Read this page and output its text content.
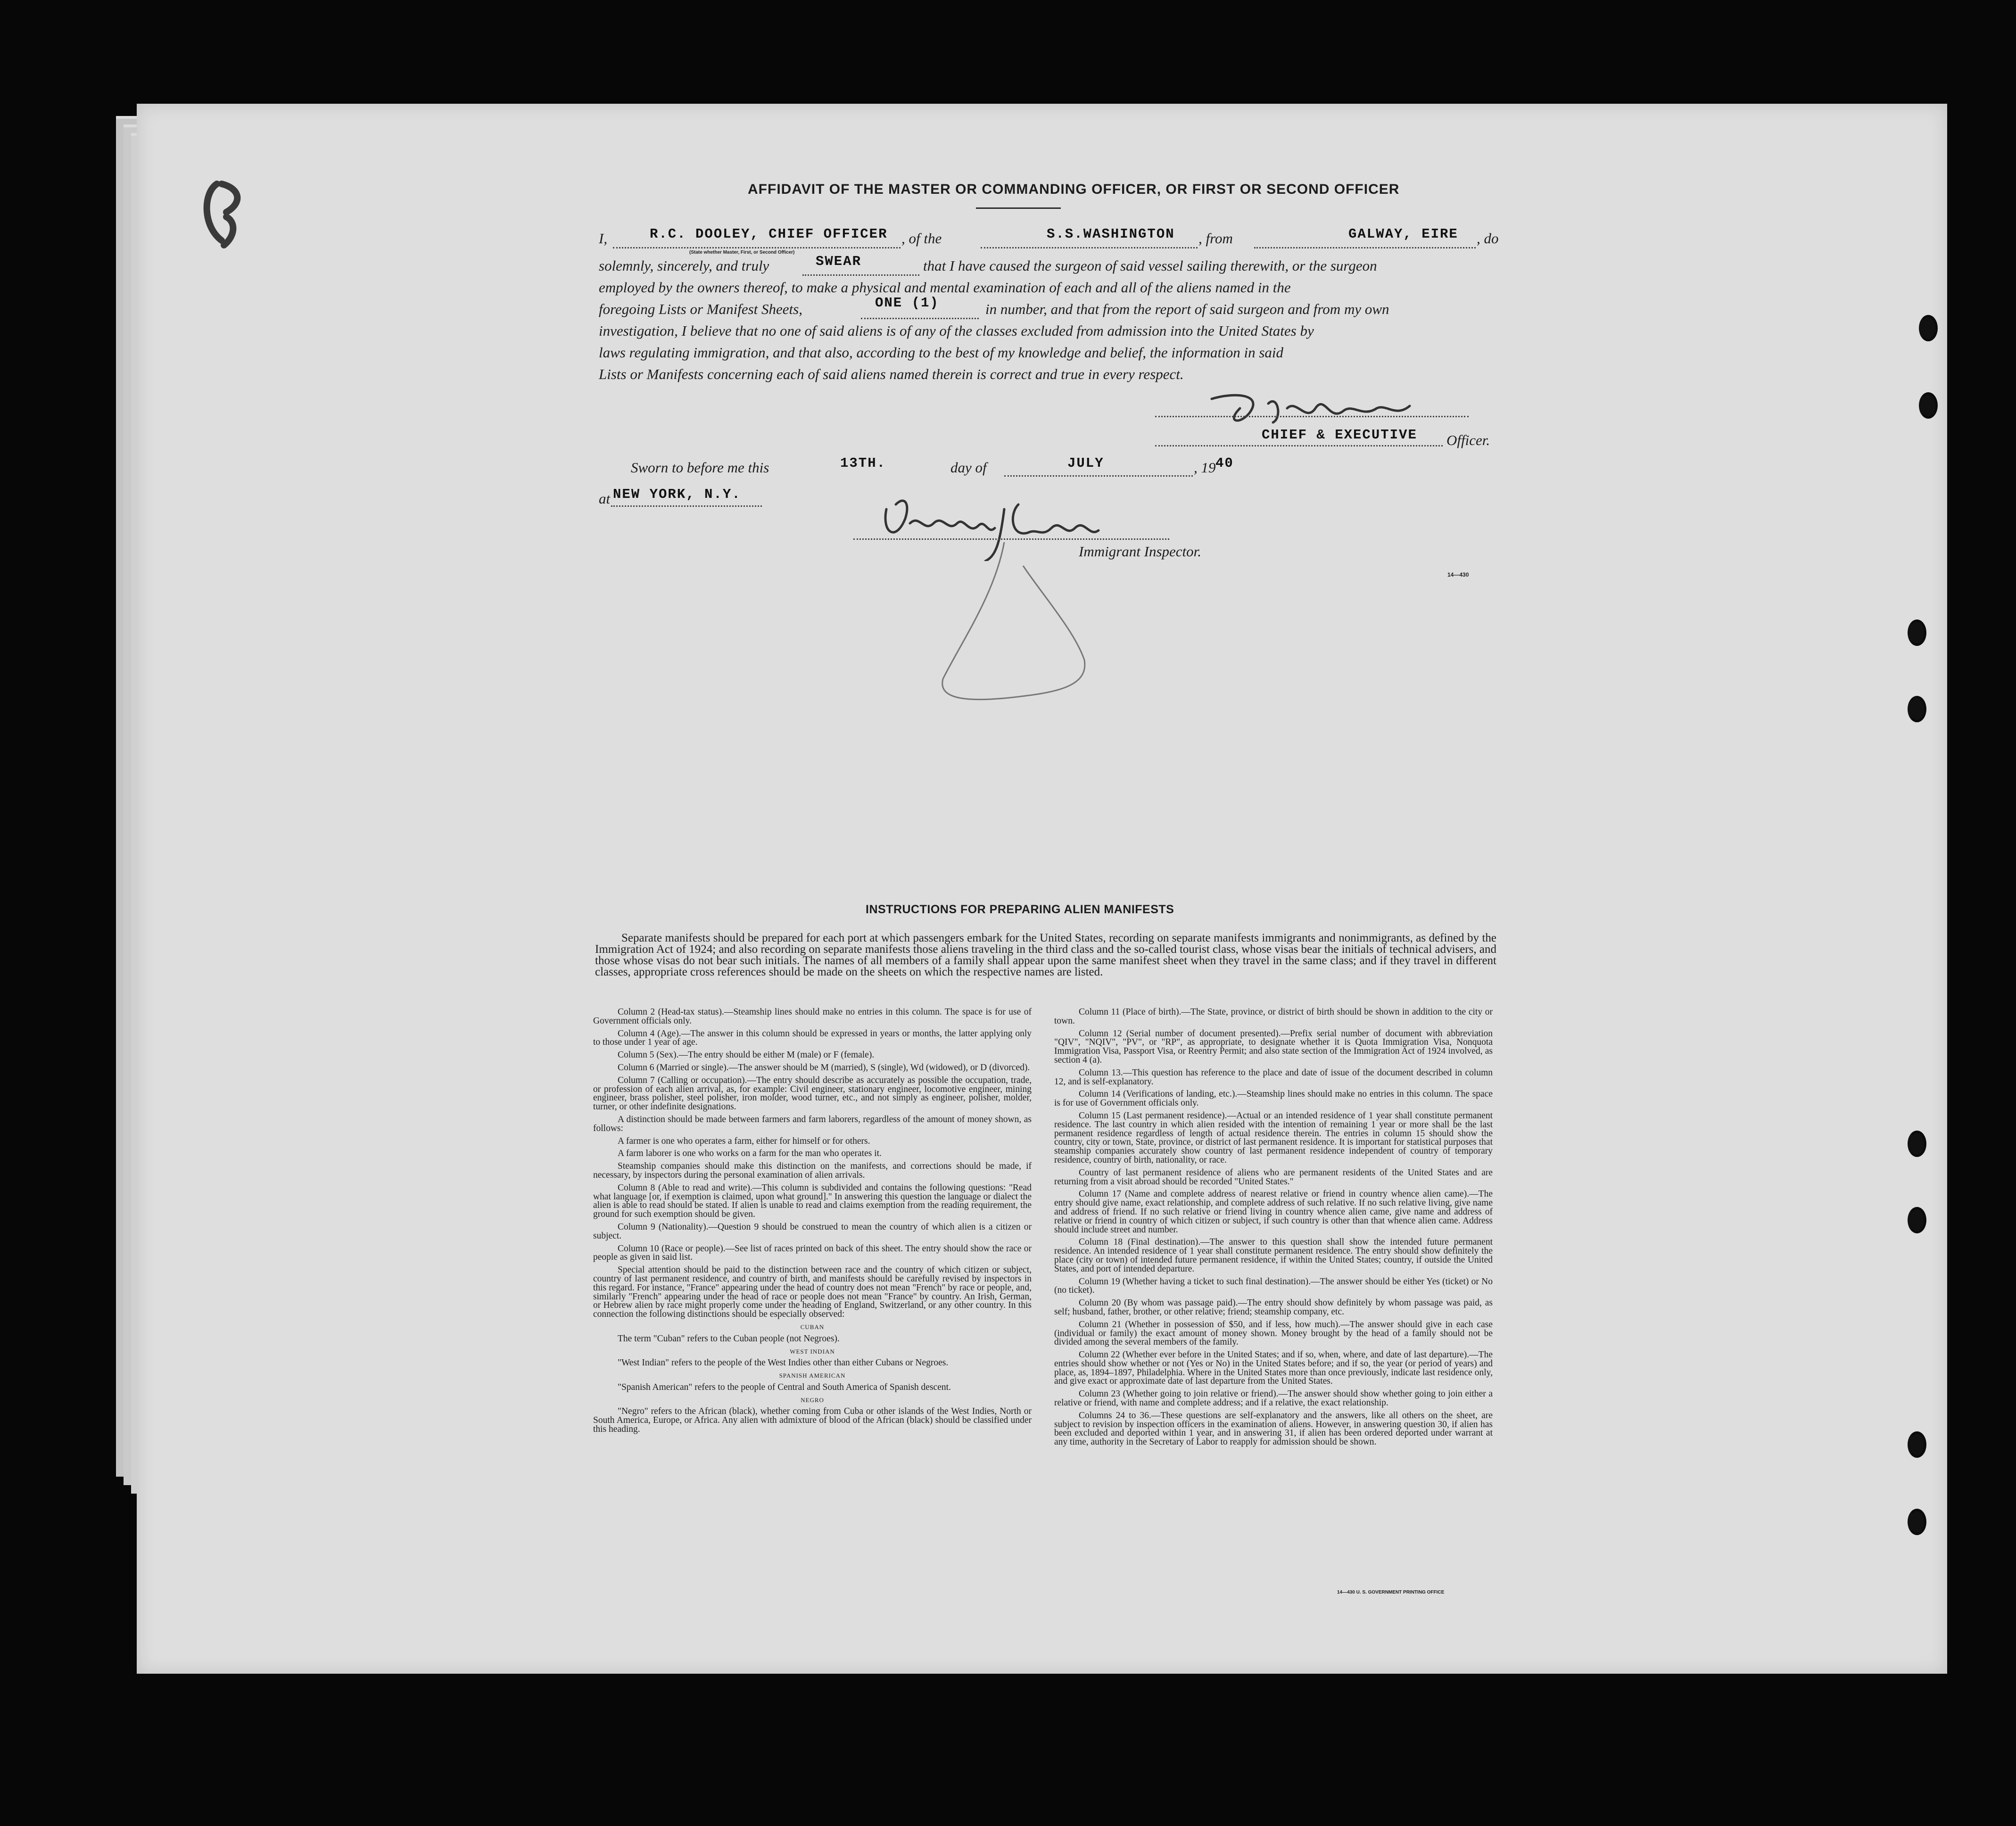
AFFIDAVIT OF THE MASTER OR COMMANDING OFFICER, OR FIRST OR SECOND OFFICER
I,	R.C. DOOLEY, CHIEF OFFICER , of the	S.S.WASHINGTON , from	GALWAY, EIRE , do
(State whether Master, First, or Second Officer)
solemnly, sincerely, and truly	SWEAR	that I have caused the surgeon of said vessel sailing therewith, or the surgeon
employed by the owners thereof, to make a physical and mental examination of each and all of the aliens named in the
foregoing Lists or Manifest Sheets,	ONE (1)	in number, and that from the report of said surgeon and from my own
investigation, I believe that no one of said aliens is of any of the classes excluded from admission into the United States by
laws regulating immigration, and that also, according to the best of my knowledge and belief, the information in said
Lists or Manifests concerning each of said aliens named therein is correct and true in every respect.
CHIEF & EXECUTIVE Officer.
Sworn to before me this	13TH.	day of	JULY	, 19 40
at NEW YORK, N.Y.
Immigrant Inspector.
14—430
INSTRUCTIONS FOR PREPARING ALIEN MANIFESTS

Separate manifests should be prepared for each port at which passengers embark for the United States, recording on separate manifests immigrants and nonimmigrants, as defined by the Immigration Act of 1924; and also recording on separate manifests those aliens traveling in the third class and the so-called tourist class, whose visas bear the initials of technical advisers, and those whose visas do not bear such initials. The names of all members of a family shall appear upon the same manifest sheet when they travel in the same class; and if they travel in different classes, appropriate cross references should be made on the sheets on which the respective names are listed.

Column 2 (Head-tax status).—Steamship lines should make no entries in this column. The space is for use of Government officials only.

Column 4 (Age).—The answer in this column should be expressed in years or months, the latter applying only to those under 1 year of age.

Column 5 (Sex).—The entry should be either M (male) or F (female).

Column 6 (Married or single).—The answer should be M (married), S (single), Wd (widowed), or D (divorced).

Column 7 (Calling or occupation).—The entry should describe as accurately as possible the occupation, trade, or profession of each alien arrival, as, for example: Civil engineer, stationary engineer, locomotive engineer, mining engineer, brass polisher, steel polisher, iron molder, wood turner, etc., and not simply as engineer, polisher, molder, turner, or other indefinite designations.

A distinction should be made between farmers and farm laborers, regardless of the amount of money shown, as follows:

A farmer is one who operates a farm, either for himself or for others.

A farm laborer is one who works on a farm for the man who operates it.

Steamship companies should make this distinction on the manifests, and corrections should be made, if necessary, by inspectors during the personal examination of alien arrivals.

Column 8 (Able to read and write).—This column is subdivided and contains the following questions: "Read what language [or, if exemption is claimed, upon what ground]." In answering this question the language or dialect the alien is able to read should be stated. If alien is unable to read and claims exemption from the reading requirement, the ground for such exemption should be given.

Column 9 (Nationality).—Question 9 should be construed to mean the country of which alien is a citizen or subject.

Column 10 (Race or people).—See list of races printed on back of this sheet. The entry should show the race or people as given in said list.

Special attention should be paid to the distinction between race and the country of which citizen or subject, country of last permanent residence, and country of birth, and manifests should be carefully revised by inspectors in this regard. For instance, "France" appearing under the head of country does not mean "French" by race or people, and, similarly "French" appearing under the head of race or people does not mean "France" by country. An Irish, German, or Hebrew alien by race might properly come under the heading of England, Switzerland, or any other country. In this connection the following distinctions should be especially observed:

CUBAN

The term "Cuban" refers to the Cuban people (not Negroes).

WEST INDIAN

"West Indian" refers to the people of the West Indies other than either Cubans or Negroes.

SPANISH AMERICAN

"Spanish American" refers to the people of Central and South America of Spanish descent.

NEGRO

"Negro" refers to the African (black), whether coming from Cuba or other islands of the West Indies, North or South America, Europe, or Africa. Any alien with admixture of blood of the African (black) should be classified under this heading.

Column 11 (Place of birth).—The State, province, or district of birth should be shown in addition to the city or town.

Column 12 (Serial number of document presented).—Prefix serial number of document with abbreviation "QIV", "NQIV", "PV", or "RP", as appropriate, to designate whether it is Quota Immigration Visa, Nonquota Immigration Visa, Passport Visa, or Reentry Permit; and also state section of the Immigration Act of 1924 involved, as section 4 (a).

Column 13.—This question has reference to the place and date of issue of the document described in column 12, and is self-explanatory.

Column 14 (Verifications of landing, etc.).—Steamship lines should make no entries in this column. The space is for use of Government officials only.

Column 15 (Last permanent residence).—Actual or an intended residence of 1 year shall constitute permanent residence. The last country in which alien resided with the intention of remaining 1 year or more shall be the last permanent residence regardless of length of actual residence therein. The entries in column 15 should show the country, city or town, State, province, or district of last permanent residence. It is important for statistical purposes that steamship companies accurately show country of last permanent residence independent of country of temporary residence, country of birth, nationality, or race.

Country of last permanent residence of aliens who are permanent residents of the United States and are returning from a visit abroad should be recorded "United States."

Column 17 (Name and complete address of nearest relative or friend in country whence alien came).—The entry should give name, exact relationship, and complete address of such relative. If no such relative living, give name and address of friend. If no such relative or friend living in country whence alien came, give name and address of relative or friend in country of which citizen or subject, if such country is other than that whence alien came. Address should include street and number.

Column 18 (Final destination).—The answer to this question shall show the intended future permanent residence. An intended residence of 1 year shall constitute permanent residence. The entry should show definitely the place (city or town) of intended future permanent residence, if within the United States; country, if outside the United States, and port of intended departure.

Column 19 (Whether having a ticket to such final destination).—The answer should be either Yes (ticket) or No (no ticket).

Column 20 (By whom was passage paid).—The entry should show definitely by whom passage was paid, as self; husband, father, brother, or other relative; friend; steamship company, etc.

Column 21 (Whether in possession of $50, and if less, how much).—The answer should give in each case (individual or family) the exact amount of money shown. Money brought by the head of a family should not be divided among the several members of the family.

Column 22 (Whether ever before in the United States; and if so, when, where, and date of last departure).—The entries should show whether or not (Yes or No) in the United States before; and if so, the year (or period of years) and place, as, 1894–1897, Philadelphia. Where in the United States more than once previously, indicate last residence only, and give exact or approximate date of last departure from the United States.

Column 23 (Whether going to join relative or friend).—The answer should show whether going to join either a relative or friend, with name and complete address; and if a relative, the exact relationship.

Columns 24 to 36.—These questions are self-explanatory and the answers, like all others on the sheet, are subject to revision by inspection officers in the examination of aliens. However, in answering question 30, if alien has been excluded and deported within 1 year, and in answering 31, if alien has been ordered deported under warrant at any time, authority in the Secretary of Labor to reapply for admission should be shown.

14—430 U. S. GOVERNMENT PRINTING OFFICE
